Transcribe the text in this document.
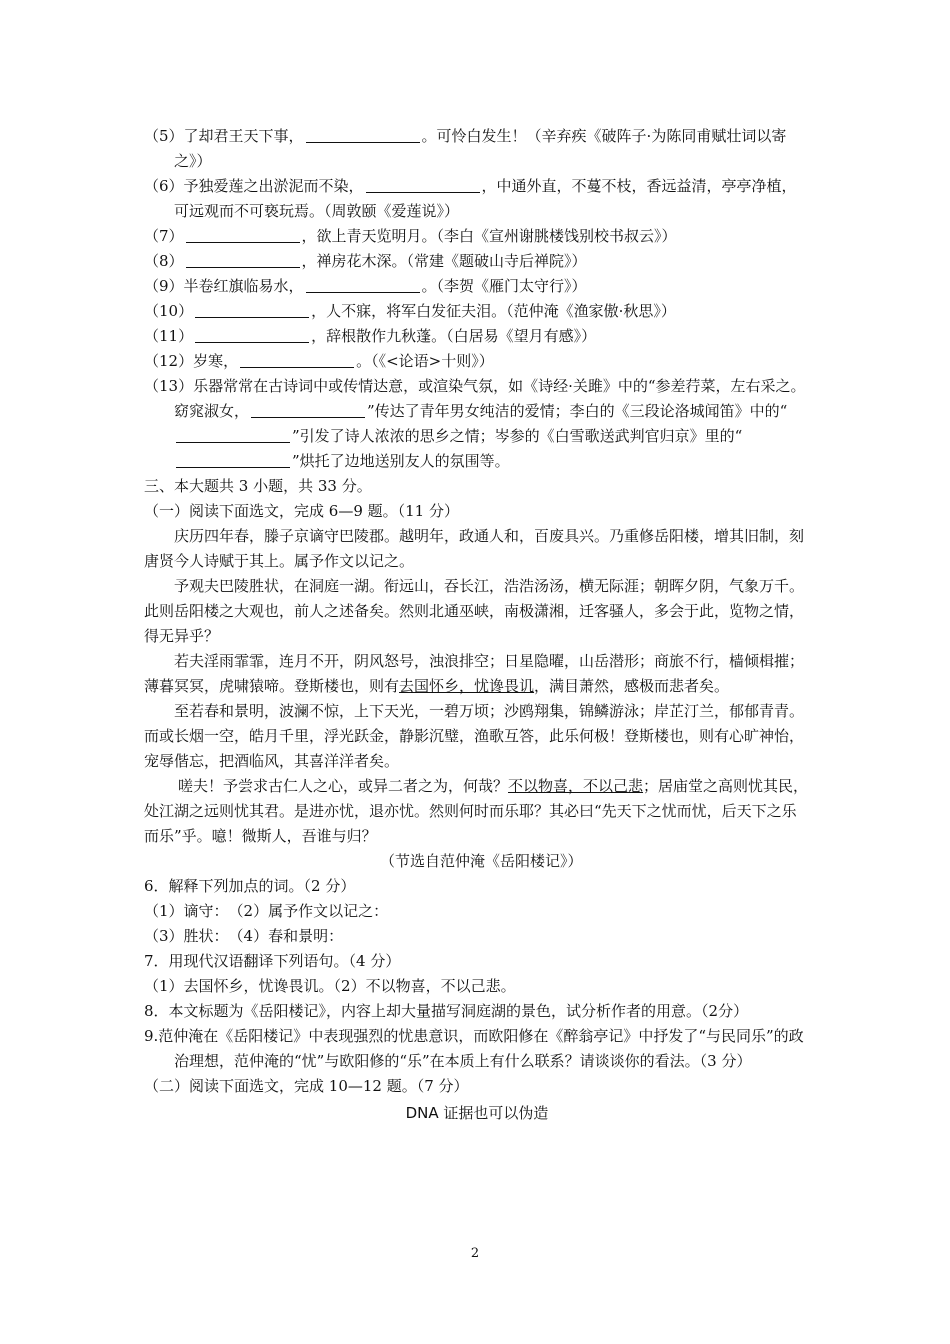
（5）了却君王天下事，	。可怜白发生！（辛弃疾《破阵子·为陈同甫赋壮词以寄之》）

（6）予独爱莲之出淤泥而不染，	，中通外直，不蔓不枝，香远益清，亭亭净植，可远观而不可亵玩焉。（周敦颐《爱莲说》）

（7）	，欲上青天览明月。（李白《宣州谢朓楼饯别校书叔云》）

（8）	，禅房花木深。（常建《题破山寺后禅院》）

（9）半卷红旗临易水，	。（李贺《雁门太守行》）

（10）	，人不寐，将军白发征夫泪。（范仲淹《渔家傲·秋思》）

（11）	，辞根散作九秋蓬。（白居易《望月有感》）

（12）岁寒，	。（《<论语>十则》）

（13）乐器常常在古诗词中或传情达意，或渲染气氛，如《诗经·关雎》中的“参差荇菜，左右采之。窈窕淑女，	”传达了青年男女纯洁的爱情；李白的《三段论洛城闻笛》中的“”引发了诗人浓浓的思乡之情；岑参的《白雪歌送武判官归京》里的“”烘托了边地送别友人的氛围等。

三、本大题共 3 小题，共 33 分。

（一）阅读下面选文，完成 6—9 题。（11 分）

庆历四年春，滕子京谪守巴陵郡。越明年，政通人和，百废具兴。乃重修岳阳楼，增其旧制，刻唐贤今人诗赋于其上。属予作文以记之。

予观夫巴陵胜状，在洞庭一湖。衔远山，吞长江，浩浩汤汤，横无际涯；朝晖夕阴，气象万千。此则岳阳楼之大观也，前人之述备矣。然则北通巫峡，南极潇湘，迁客骚人，多会于此，览物之情，得无异乎？

若夫淫雨霏霏，连月不开，阴风怒号，浊浪排空；日星隐曜，山岳潜形；商旅不行，樯倾楫摧；薄暮冥冥，虎啸猿啼。登斯楼也，则有去国怀乡，忧谗畏讥，满目萧然，感极而悲者矣。

至若春和景明，波澜不惊，上下天光，一碧万顷；沙鸥翔集，锦鳞游泳；岸芷汀兰，郁郁青青。而或长烟一空，皓月千里，浮光跃金，静影沉璧，渔歌互答，此乐何极！登斯楼也，则有心旷神怡，宠辱偕忘，把酒临风，其喜洋洋者矣。

嗟夫！予尝求古仁人之心，或异二者之为，何哉？不以物喜，不以己悲；居庙堂之高则忧其民，处江湖之远则忧其君。是进亦忧，退亦忧。然则何时而乐耶？其必曰“先天下之忧而忧，后天下之乐而乐”乎。噫！微斯人，吾谁与归？

（节选自范仲淹《岳阳楼记》）

6．解释下列加点的词。（2 分）

（1）谪守：　（2）属予作文以记之：

（3）胜状：　（4）春和景明：

7．用现代汉语翻译下列语句。（4 分）

（1）去国怀乡，忧谗畏讥。（2）不以物喜，不以己悲。

8．本文标题为《岳阳楼记》，内容上却大量描写洞庭湖的景色，试分析作者的用意。（2分）

9.范仲淹在《岳阳楼记》中表现强烈的忧患意识，而欧阳修在《醉翁亭记》中抒发了“与民同乐”的政治理想，范仲淹的“忧”与欧阳修的“乐”在本质上有什么联系？请谈谈你的看法。（3 分）

（二）阅读下面选文，完成 10—12 题。（7 分）

DNA 证据也可以伪造

2
